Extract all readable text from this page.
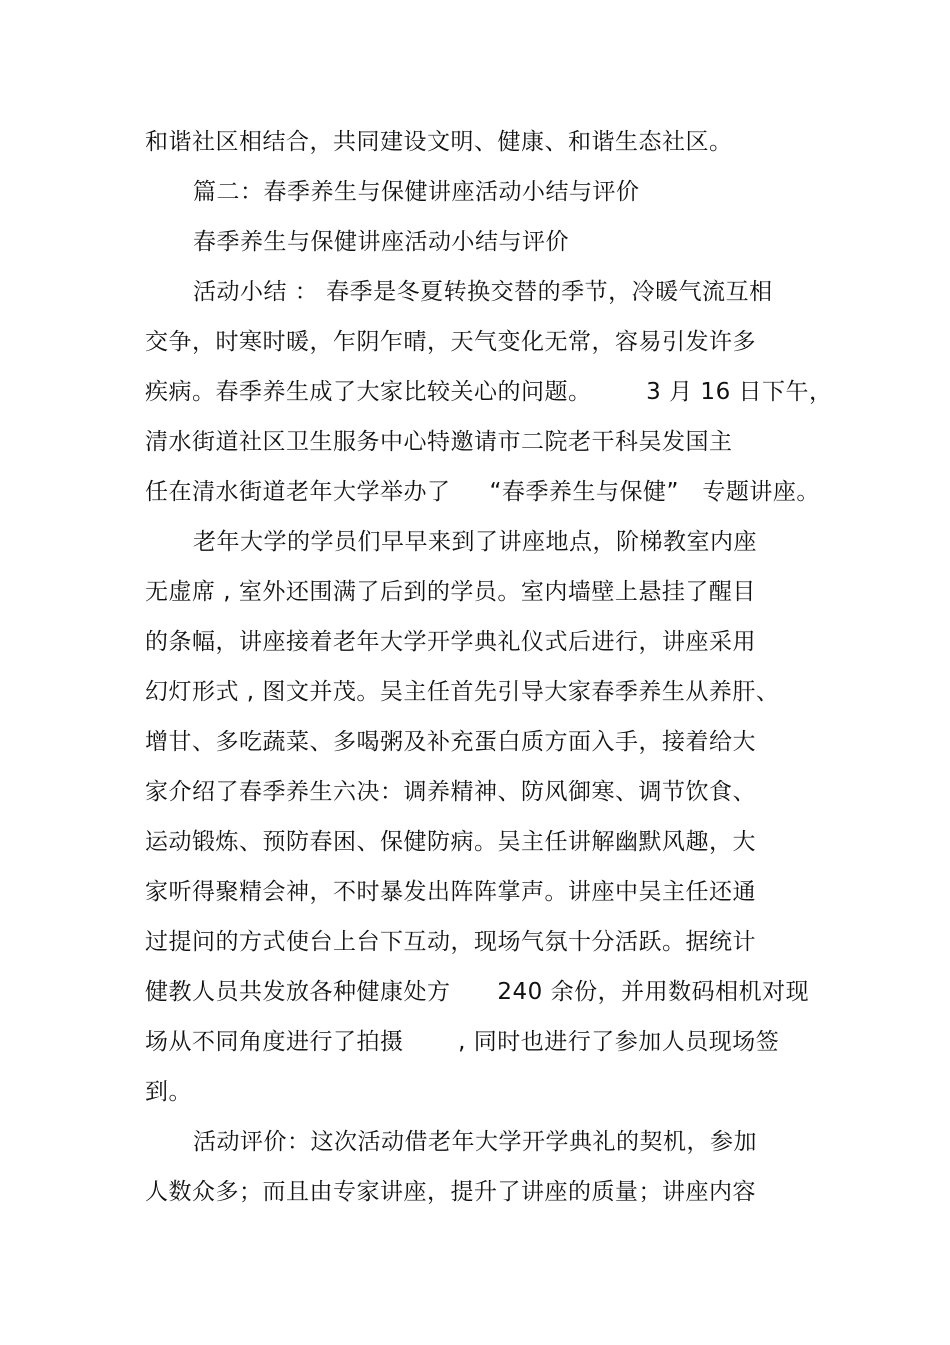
和谐社区相结合，共同建设文明、健康、和谐生态社区。
篇二：春季养生与保健讲座活动小结与评价
春季养生与保健讲座活动小结与评价
活动小结 ： 春季是冬夏转换交替的季节，冷暖气流互相
交争，时寒时暖，乍阴乍晴，天气变化无常，容易引发许多
疾病。春季养生成了大家比较关心的问题。       3 月 16 日下午，
清水街道社区卫生服务中心特邀请市二院老干科吴发国主
任在清水街道老年大学举办了     “春季养生与保健”   专题讲座。
老年大学的学员们早早来到了讲座地点，阶梯教室内座
无虚席 , 室外还围满了后到的学员。室内墙壁上悬挂了醒目
的条幅，讲座接着老年大学开学典礼仪式后进行，讲座采用
幻灯形式 , 图文并茂。吴主任首先引导大家春季养生从养肝、
增甘、多吃蔬菜、多喝粥及补充蛋白质方面入手，接着给大
家介绍了春季养生六决：调养精神、防风御寒、调节饮食、
运动锻炼、预防春困、保健防病。吴主任讲解幽默风趣，大
家听得聚精会神，不时暴发出阵阵掌声。讲座中吴主任还通
过提问的方式使台上台下互动，现场气氛十分活跃。据统计
健教人员共发放各种健康处方      240 余份，并用数码相机对现
场从不同角度进行了拍摄       , 同时也进行了参加人员现场签
到。
活动评价：这次活动借老年大学开学典礼的契机，参加
人数众多；而且由专家讲座，提升了讲座的质量；讲座内容
